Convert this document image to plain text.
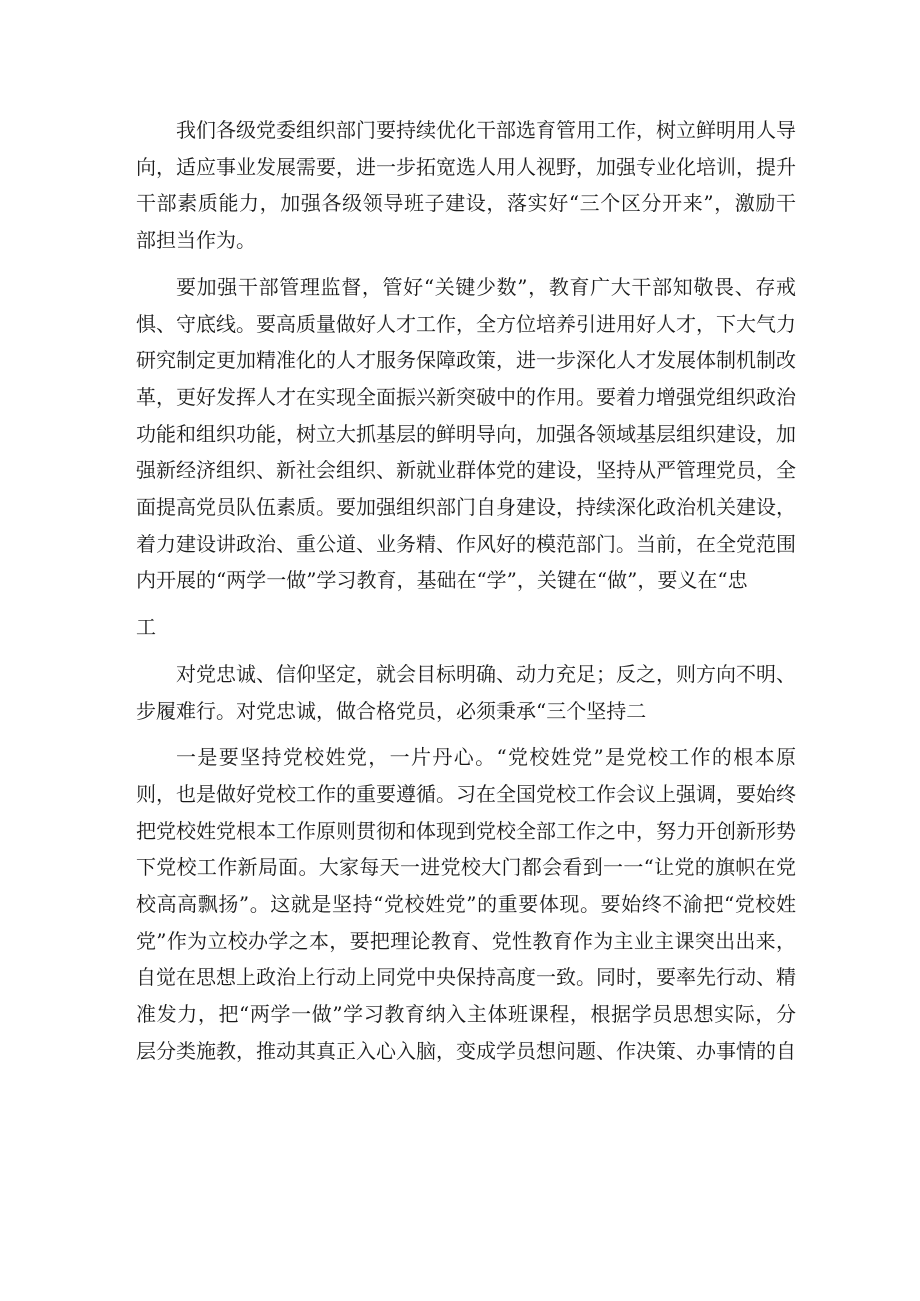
我们各级党委组织部门要持续优化干部选育管用工作，树立鲜明用人导向，适应事业发展需要，进一步拓宽选人用人视野，加强专业化培训，提升干部素质能力，加强各级领导班子建设，落实好“三个区分开来”，激励干部担当作为。

要加强干部管理监督，管好“关键少数”，教育广大干部知敬畏、存戒惧、守底线。要高质量做好人才工作，全方位培养引进用好人才，下大气力研究制定更加精准化的人才服务保障政策，进一步深化人才发展体制机制改革，更好发挥人才在实现全面振兴新突破中的作用。要着力增强党组织政治功能和组织功能，树立大抓基层的鲜明导向，加强各领域基层组织建设，加强新经济组织、新社会组织、新就业群体党的建设，坚持从严管理党员，全面提高党员队伍素质。要加强组织部门自身建设，持续深化政治机关建设，着力建设讲政治、重公道、业务精、作风好的模范部门。当前，在全党范围内开展的“两学一做”学习教育，基础在“学”，关键在“做”，要义在“忠

工

对党忠诚、信仰坚定，就会目标明确、动力充足；反之，则方向不明、步履难行。对党忠诚，做合格党员，必须秉承“三个坚持二

一是要坚持党校姓党，一片丹心。“党校姓党”是党校工作的根本原则，也是做好党校工作的重要遵循。习在全国党校工作会议上强调，要始终把党校姓党根本工作原则贯彻和体现到党校全部工作之中，努力开创新形势下党校工作新局面。大家每天一进党校大门都会看到一一“让党的旗帜在党校高高飘扬”。这就是坚持“党校姓党”的重要体现。要始终不渝把“党校姓党”作为立校办学之本，要把理论教育、党性教育作为主业主课突出出来，自觉在思想上政治上行动上同党中央保持高度一致。同时，要率先行动、精准发力，把“两学一做”学习教育纳入主体班课程，根据学员思想实际，分层分类施教，推动其真正入心入脑，变成学员想问题、作决策、办事情的自
